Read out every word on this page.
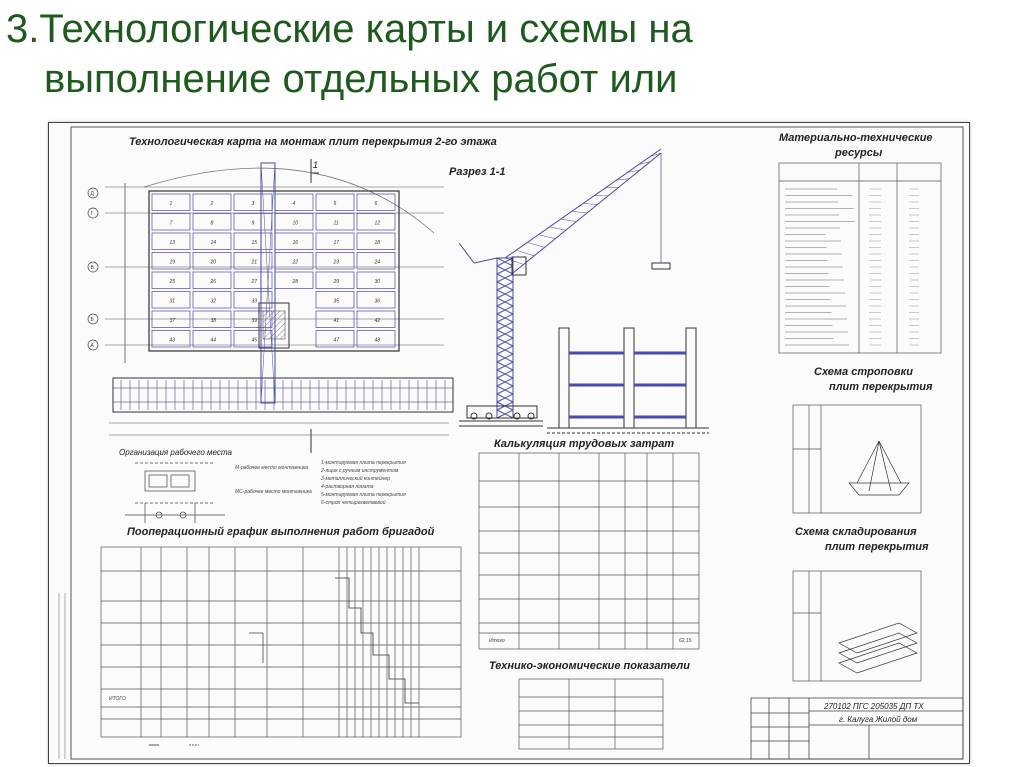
3.Технологические карты и схемы на
выполнение отдельных работ или
1	2	3	4	5	6
7	8	9	10	11	12
13	14	15	16	17	18
19	20	21	22	23	24
25	26	27	28	29	30
31	32	33	35	36
37	38	39	41	42
43	44	45	47	48
Д
Г
В
Б
А
Технологическая карта на монтаж плит перекрытия 2-го этажа
Разрез 1-1
1
Материально-технические
ресурсы
Схема строповки
плит перекрытия
Схема складирования
плит перекрытия
Калькуляция трудовых затрат
Технико-экономические показатели
Организация рабочего места
Пооперационный график выполнения работ бригадой
270102 ПГС 205035 ДП ТХ
г. Калуга Жилой дом
1-монтируемая плита перекрытия
2-ящик с ручным инструментом
3-металлический контейнер
4-растворная лопата
5-монтируемая плита перекрытия
6-строп четырехветвевой
М-рабочее место монтажника
МС-рабочее место монтажника
ИТОГО
Итого	62,15
